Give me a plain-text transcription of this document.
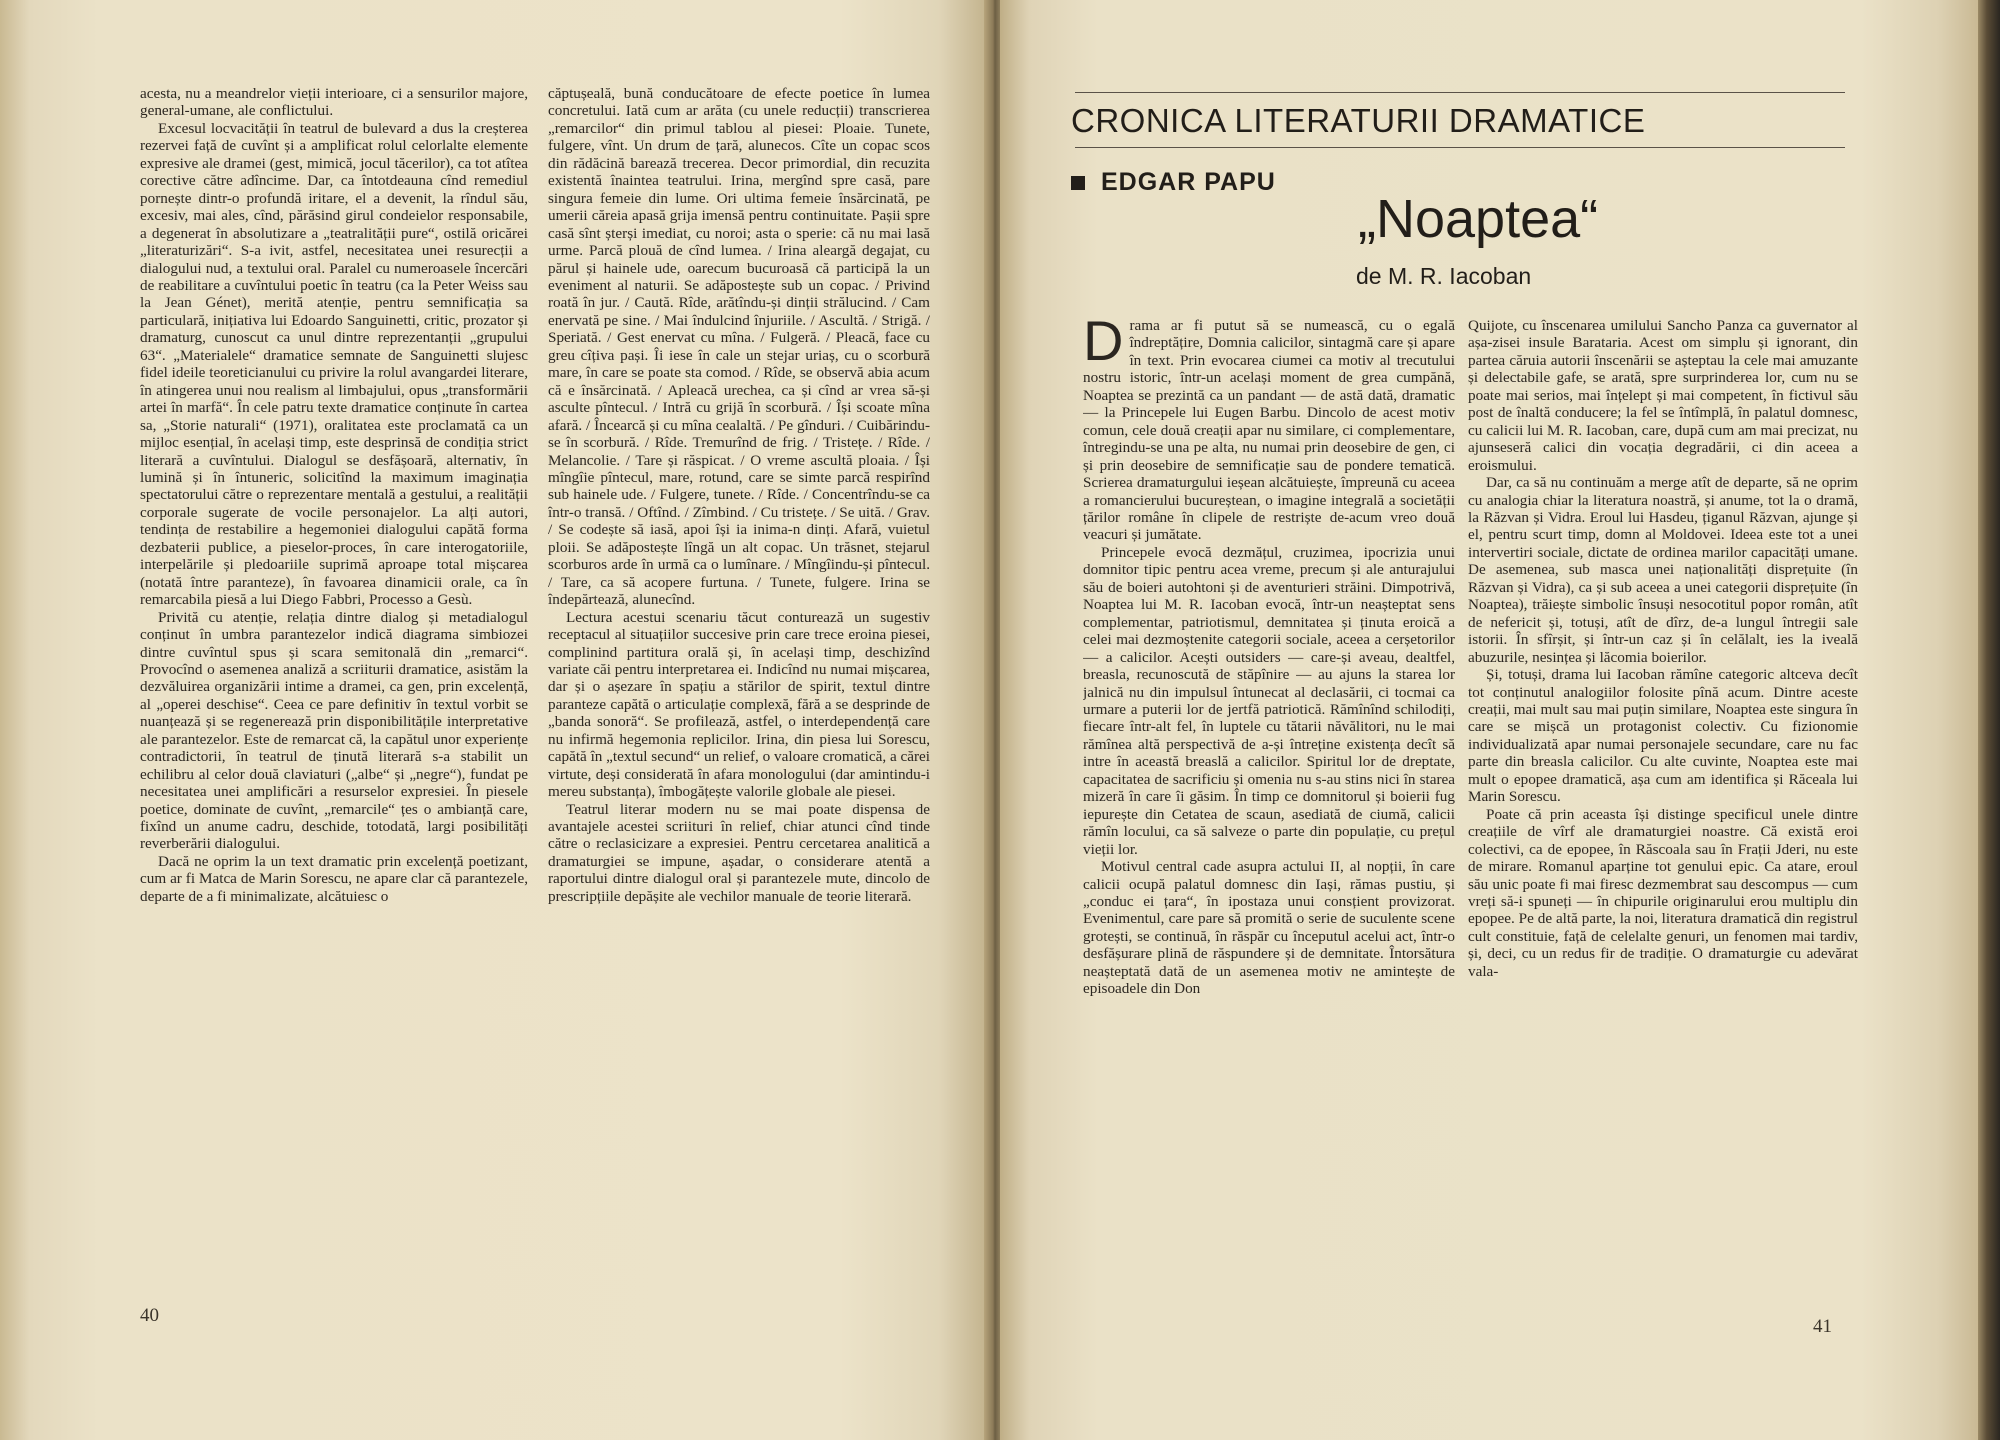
acesta, nu a meandrelor vieții interioare, ci a sensurilor majore, general-umane, ale conflictului.

Excesul locvacității în teatrul de bulevard a dus la creșterea rezervei față de cuvînt și a amplificat rolul celorlalte elemente expresive ale dramei (gest, mimică, jocul tăcerilor), ca tot atîtea corective către adîncime. Dar, ca întotdeauna cînd remediul pornește dintr-o profundă iritare, el a devenit, la rîndul său, excesiv, mai ales, cînd, părăsind girul condeielor responsabile, a degenerat în absolutizare a „teatralității pure“, ostilă oricărei „literaturizări“. S-a ivit, astfel, necesitatea unei resurecții a dialogului nud, a textului oral. Paralel cu numeroasele încercări de reabilitare a cuvîntului poetic în teatru (ca la Peter Weiss sau la Jean Génet), merită atenție, pentru semnificația sa particulară, inițiativa lui Edoardo Sanguinetti, critic, prozator și dramaturg, cunoscut ca unul dintre reprezentanții „grupului 63“. „Materialele“ dramatice semnate de Sanguinetti slujesc fidel ideile teoreticianului cu privire la rolul avangardei literare, în atingerea unui nou realism al limbajului, opus „transformării artei în marfă“. În cele patru texte dramatice conținute în cartea sa, „Storie naturali“ (1971), oralitatea este proclamată ca un mijloc esențial, în același timp, este desprinsă de condiția strict literară a cuvîntului. Dialogul se desfășoară, alternativ, în lumină și în întuneric, solicitînd la maximum imaginația spectatorului către o reprezentare mentală a gestului, a realității corporale sugerate de vocile personajelor. La alți autori, tendința de restabilire a hegemoniei dialogului capătă forma dezbaterii publice, a pieselor-proces, în care interogatoriile, interpelările și pledoariile suprimă aproape total mișcarea (notată între paranteze), în favoarea dinamicii orale, ca în remarcabila piesă a lui Diego Fabbri, Processo a Gesù.

Privită cu atenție, relația dintre dialog și metadialogul conținut în umbra parantezelor indică diagrama simbiozei dintre cuvîntul spus și scara semitonală din „remarci“. Provocînd o asemenea analiză a scriiturii dramatice, asistăm la dezvăluirea organizării intime a dramei, ca gen, prin excelență, al „operei deschise“. Ceea ce pare definitiv în textul vorbit se nuanțează și se regenerează prin disponibilitățile interpretative ale parantezelor. Este de remarcat că, la capătul unor experiențe contradictorii, în teatrul de ținută literară s-a stabilit un echilibru al celor două claviaturi („albe“ și „negre“), fundat pe necesitatea unei amplificări a resurselor expresiei. În piesele poetice, dominate de cuvînt, „remarcile“ țes o ambianță care, fixînd un anume cadru, deschide, totodată, largi posibilități reverberării dialogului.

Dacă ne oprim la un text dramatic prin excelență poetizant, cum ar fi Matca de Marin Sorescu, ne apare clar că parantezele, departe de a fi minimalizate, alcătuiesc o

căptușeală, bună conducătoare de efecte poetice în lumea concretului. Iată cum ar arăta (cu unele reducții) transcrierea „remarcilor“ din primul tablou al piesei: Ploaie. Tunete, fulgere, vînt. Un drum de țară, alunecos. Cîte un copac scos din rădăcină barează trecerea. Decor primordial, din recuzita existentă înaintea teatrului. Irina, mergînd spre casă, pare singura femeie din lume. Ori ultima femeie însărcinată, pe umerii căreia apasă grija imensă pentru continuitate. Pașii spre casă sînt șterși imediat, cu noroi; asta o sperie: că nu mai lasă urme. Parcă plouă de cînd lumea. / Irina aleargă degajat, cu părul și hainele ude, oarecum bucuroasă că participă la un eveniment al naturii. Se adăpostește sub un copac. / Privind roată în jur. / Caută. Rîde, arătîndu-și dinții strălucind. / Cam enervată pe sine. / Mai îndulcind înjuriile. / Ascultă. / Strigă. / Speriată. / Gest enervat cu mîna. / Fulgeră. / Pleacă, face cu greu cîțiva pași. Îi iese în cale un stejar uriaș, cu o scorbură mare, în care se poate sta comod. / Rîde, se observă abia acum că e însărcinată. / Apleacă urechea, ca și cînd ar vrea să-și asculte pîntecul. / Intră cu grijă în scorbură. / Își scoate mîna afară. / Încearcă și cu mîna cealaltă. / Pe gînduri. / Cuibărindu-se în scorbură. / Rîde. Tremurînd de frig. / Tristețe. / Rîde. / Melancolie. / Tare și răspicat. / O vreme ascultă ploaia. / Își mîngîie pîntecul, mare, rotund, care se simte parcă respirînd sub hainele ude. / Fulgere, tunete. / Rîde. / Concentrîndu-se ca într-o transă. / Oftînd. / Zîmbind. / Cu tristețe. / Se uită. / Grav. / Se codește să iasă, apoi își ia inima-n dinți. Afară, vuietul ploii. Se adăpostește lîngă un alt copac. Un trăsnet, stejarul scorburos arde în urmă ca o lumînare. / Mîngîindu-și pîntecul. / Tare, ca să acopere furtuna. / Tunete, fulgere. Irina se îndepărtează, alunecînd.

Lectura acestui scenariu tăcut conturează un sugestiv receptacul al situațiilor succesive prin care trece eroina piesei, complinind partitura orală și, în același timp, deschizînd variate căi pentru interpretarea ei. Indicînd nu numai mișcarea, dar și o așezare în spațiu a stărilor de spirit, textul dintre paranteze capătă o articulație complexă, fără a se desprinde de „banda sonoră“. Se profilează, astfel, o interdependență care nu infirmă hegemonia replicilor. Irina, din piesa lui Sorescu, capătă în „textul secund“ un relief, o valoare cromatică, a cărei virtute, deși considerată în afara monologului (dar amintindu-i mereu substanța), îmbogățește valorile globale ale piesei.

Teatrul literar modern nu se mai poate dispensa de avantajele acestei scriituri în relief, chiar atunci cînd tinde către o reclasicizare a expresiei. Pentru cercetarea analitică a dramaturgiei se impune, așadar, o considerare atentă a raportului dintre dialogul oral și parantezele mute, dincolo de prescripțiile depășite ale vechilor manuale de teorie literară.

40
CRONICA LITERATURII DRAMATICE
EDGAR PAPU
„Noaptea“
de M. R. Iacoban

Drama ar fi putut să se numească, cu o egală îndreptățire, Domnia calicilor, sintagmă care și apare în text. Prin evocarea ciumei ca motiv al trecutului nostru istoric, într-un același moment de grea cumpănă, Noaptea se prezintă ca un pandant — de astă dată, dramatic — la Princepele lui Eugen Barbu. Dincolo de acest motiv comun, cele două creații apar nu similare, ci complementare, întregindu-se una pe alta, nu numai prin deosebire de gen, ci și prin deosebire de semnificație sau de pondere tematică. Scrierea dramaturgului ieșean alcătuiește, împreună cu aceea a romancierului bucureștean, o imagine integrală a societății țărilor române în clipele de restriște de-acum vreo două veacuri și jumătate.

Princepele evocă dezmățul, cruzimea, ipocrizia unui domnitor tipic pentru acea vreme, precum și ale anturajului său de boieri autohtoni și de aventurieri străini. Dimpotrivă, Noaptea lui M. R. Iacoban evocă, într-un neașteptat sens complementar, patriotismul, demnitatea și ținuta eroică a celei mai dezmoștenite categorii sociale, aceea a cerșetorilor — a calicilor. Acești outsiders — care-și aveau, dealtfel, breasla, recunoscută de stăpînire — au ajuns la starea lor jalnică nu din impulsul întunecat al declasării, ci tocmai ca urmare a puterii lor de jertfă patriotică. Rămînînd schilodiți, fiecare într-alt fel, în luptele cu tătarii năvălitori, nu le mai rămînea altă perspectivă de a-și întreține existența decît să intre în această breaslă a calicilor. Spiritul lor de dreptate, capacitatea de sacrificiu și omenia nu s-au stins nici în starea mizeră în care îi găsim. În timp ce domnitorul și boierii fug iepurește din Cetatea de scaun, asediată de ciumă, calicii rămîn locului, ca să salveze o parte din populație, cu prețul vieții lor.

Motivul central cade asupra actului II, al nopții, în care calicii ocupă palatul domnesc din Iași, rămas pustiu, și „conduc ei țara“, în ipostaza unui consțient provizorat. Evenimentul, care pare să promită o serie de suculente scene grotești, se continuă, în răspăr cu începutul acelui act, într-o desfășurare plină de răspundere și de demnitate. Întorsătura neașteptată dată de un asemenea motiv ne amintește de episoadele din Don

Quijote, cu înscenarea umilului Sancho Panza ca guvernator al așa-zisei insule Barataria. Acest om simplu și ignorant, din partea căruia autorii înscenării se așteptau la cele mai amuzante și delectabile gafe, se arată, spre surprinderea lor, cum nu se poate mai serios, mai înțelept și mai competent, în fictivul său post de înaltă conducere; la fel se întîmplă, în palatul domnesc, cu calicii lui M. R. Iacoban, care, după cum am mai precizat, nu ajunseseră calici din vocația degradării, ci din aceea a eroismului.

Dar, ca să nu continuăm a merge atît de departe, să ne oprim cu analogia chiar la literatura noastră, și anume, tot la o dramă, la Răzvan și Vidra. Eroul lui Hasdeu, țiganul Răzvan, ajunge și el, pentru scurt timp, domn al Moldovei. Ideea este tot a unei intervertiri sociale, dictate de ordinea marilor capacități umane. De asemenea, sub masca unei naționalități disprețuite (în Răzvan și Vidra), ca și sub aceea a unei categorii disprețuite (în Noaptea), trăiește simbolic însuși nesocotitul popor român, atît de nefericit și, totuși, atît de dîrz, de-a lungul întregii sale istorii. În sfîrșit, și într-un caz și în celălalt, ies la iveală abuzurile, nesințea și lăcomia boierilor.

Și, totuși, drama lui Iacoban rămîne categoric altceva decît tot conținutul analogiilor folosite pînă acum. Dintre aceste creații, mai mult sau mai puțin similare, Noaptea este singura în care se mișcă un protagonist colectiv. Cu fizionomie individualizată apar numai personajele secundare, care nu fac parte din breasla calicilor. Cu alte cuvinte, Noaptea este mai mult o epopee dramatică, așa cum am identifica și Răceala lui Marin Sorescu.

Poate că prin aceasta își distinge specificul unele dintre creațiile de vîrf ale dramaturgiei noastre. Că există eroi colectivi, ca de epopee, în Răscoala sau în Frații Jderi, nu este de mirare. Romanul aparține tot genului epic. Ca atare, eroul său unic poate fi mai firesc dezmembrat sau descompus — cum vreți să-i spuneți — în chipurile originarului erou multiplu din epopee. Pe de altă parte, la noi, literatura dramatică din registrul cult constituie, față de celelalte genuri, un fenomen mai tardiv, și, deci, cu un redus fir de tradiție. O dramaturgie cu adevărat vala-

41
